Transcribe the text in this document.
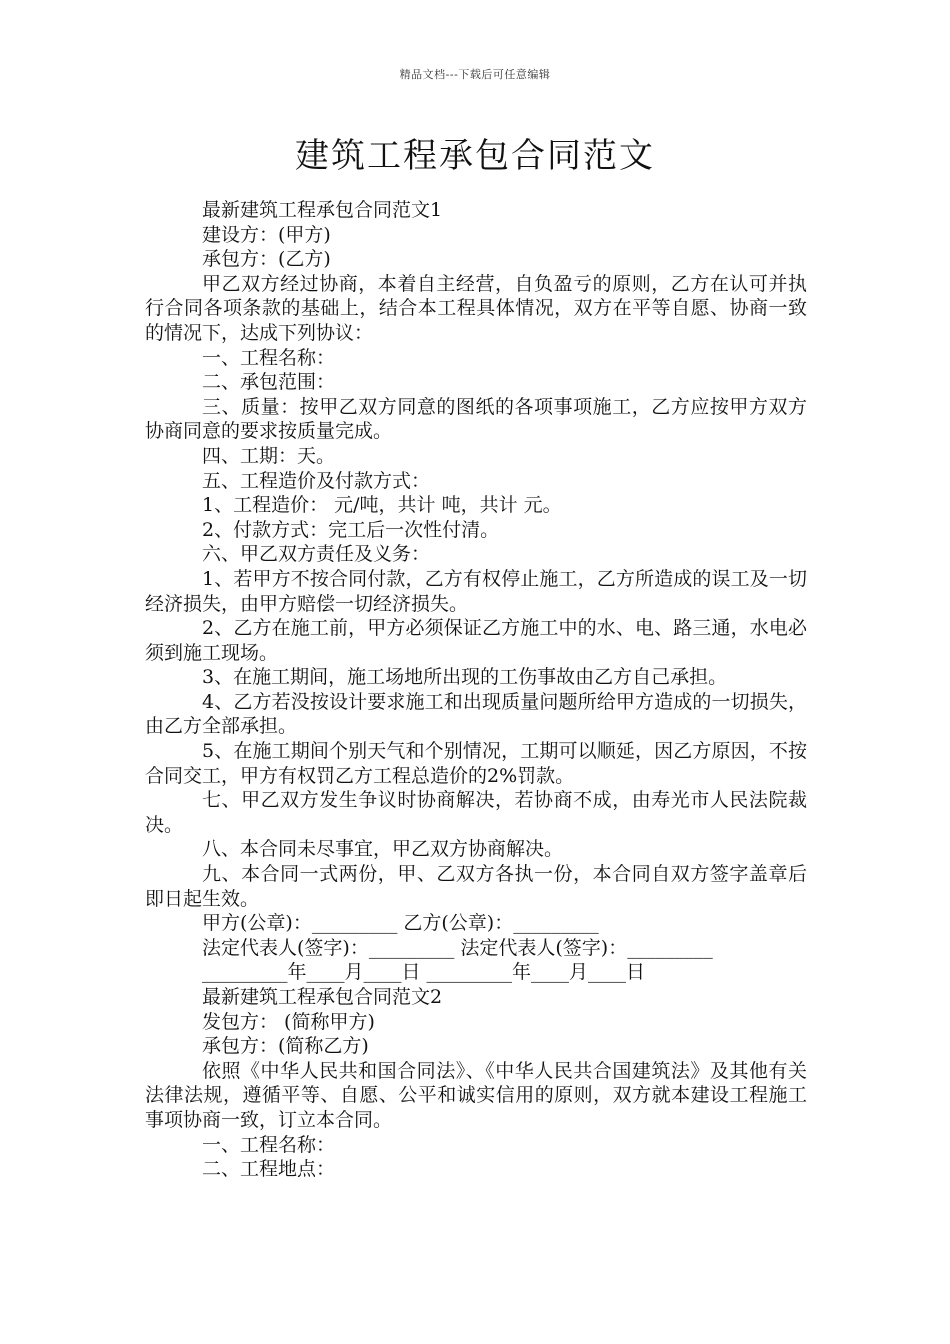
精品文档---下载后可任意编辑
建筑工程承包合同范文

最新建筑工程承包合同范文1

建设方：(甲方)

承包方：(乙方)

甲乙双方经过协商，本着自主经营，自负盈亏的原则，乙方在认可并执行合同各项条款的基础上，结合本工程具体情况，双方在平等自愿、协商一致的情况下，达成下列协议：

一、工程名称：

二、承包范围：

三、质量：按甲乙双方同意的图纸的各项事项施工，乙方应按甲方双方协商同意的要求按质量完成。

四、工期：天。

五、工程造价及付款方式：

1、工程造价： 元/吨，共计 吨，共计 元。

2、付款方式：完工后一次性付清。

六、甲乙双方责任及义务：

1、若甲方不按合同付款，乙方有权停止施工，乙方所造成的误工及一切经济损失，由甲方赔偿一切经济损失。

2、乙方在施工前，甲方必须保证乙方施工中的水、电、路三通，水电必须到施工现场。

3、在施工期间，施工场地所出现的工伤事故由乙方自己承担。

4、乙方若没按设计要求施工和出现质量问题所给甲方造成的一切损失，由乙方全部承担。

5、在施工期间个别天气和个别情况，工期可以顺延，因乙方原因，不按合同交工，甲方有权罚乙方工程总造价的2%罚款。

七、甲乙双方发生争议时协商解决，若协商不成，由寿光市人民法院裁决。

八、本合同未尽事宜，甲乙双方协商解决。

九、本合同一式两份，甲、乙双方各执一份，本合同自双方签字盖章后即日起生效。

甲方(公章)：_________ 乙方(公章)：_________

法定代表人(签字)：_________ 法定代表人(签字)：_________

_________年____月____日 _________年____月____日

最新建筑工程承包合同范文2

发包方： (简称甲方)

承包方：(简称乙方)

依照《中华人民共和国合同法》、《中华人民共合国建筑法》及其他有关法律法规，遵循平等、自愿、公平和诚实信用的原则，双方就本建设工程施工事项协商一致，订立本合同。

一、工程名称：

二、工程地点：
